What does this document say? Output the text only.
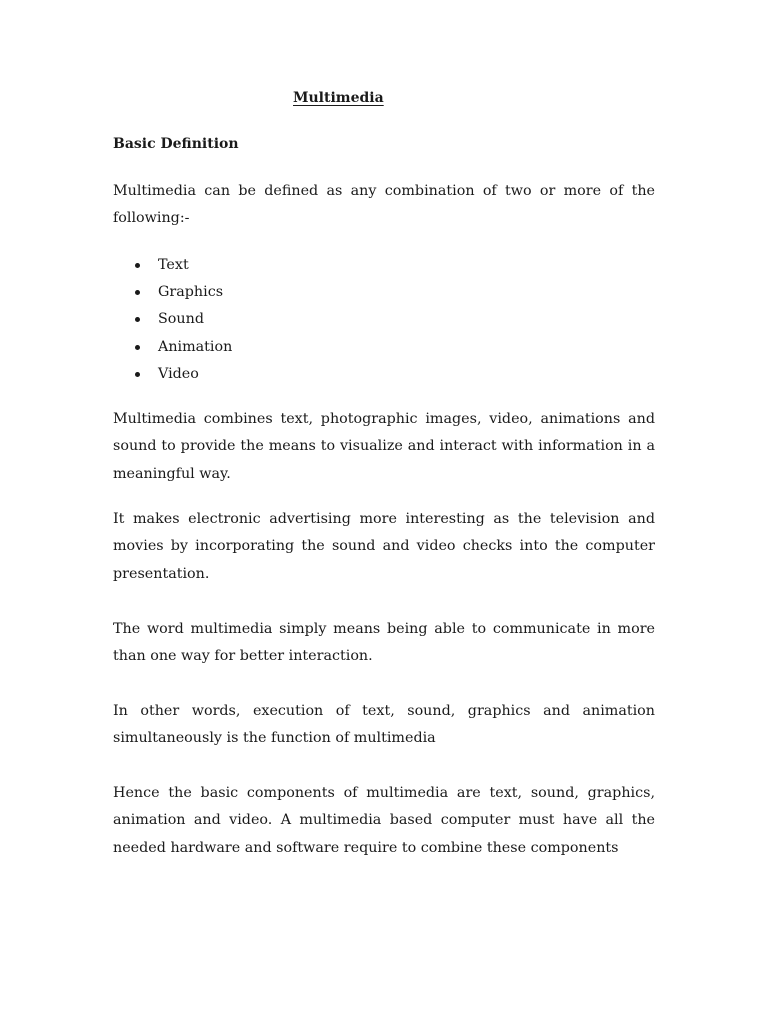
Multimedia
Basic Definition

Multimedia can be defined as any combination of two or more of the following:-

Text
Graphics
Sound
Animation
Video

Multimedia combines text, photographic images, video, animations and sound to provide the means to visualize and interact with information in a meaningful way.

It makes electronic advertising more interesting as the television and movies by incorporating the sound and video checks into the computer presentation.

The word multimedia simply means being able to communicate in more than one way for better interaction.

In other words, execution of text, sound, graphics and animation simultaneously is the function of multimedia

Hence the basic components of multimedia are text, sound, graphics, animation and video. A multimedia based computer must have all the needed hardware and software require to combine these components
